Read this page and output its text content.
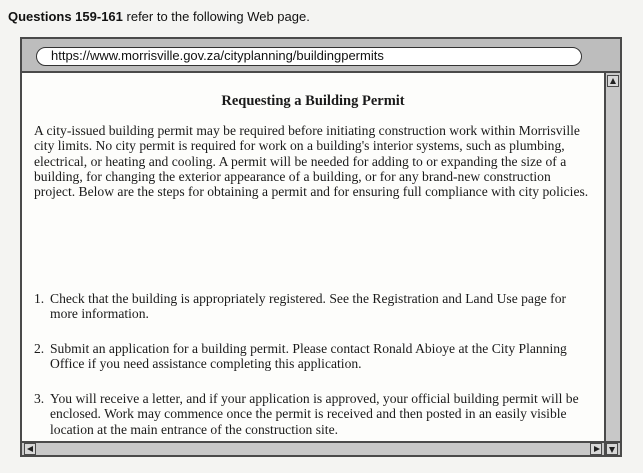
Questions 159-161 refer to the following Web page.
https://www.morrisville.gov.za/cityplanning/buildingpermits
Requesting a Building Permit

A city-issued building permit may be required before initiating construction work within Morrisville city limits. No city permit is required for work on a building's interior systems, such as plumbing, electrical, or heating and cooling. A permit will be needed for adding to or expanding the size of a building, for changing the exterior appearance of a building, or for any brand-new construction project. Below are the steps for obtaining a permit and for ensuring full compliance with city policies.

1. Check that the building is appropriately registered. See the Registration and Land Use page for more information.
2. Submit an application for a building permit. Please contact Ronald Abioye at the City Planning Office if you need assistance completing this application.
3. You will receive a letter, and if your application is approved, your official building permit will be enclosed. Work may commence once the permit is received and then posted in an easily visible location at the main entrance of the construction site.
